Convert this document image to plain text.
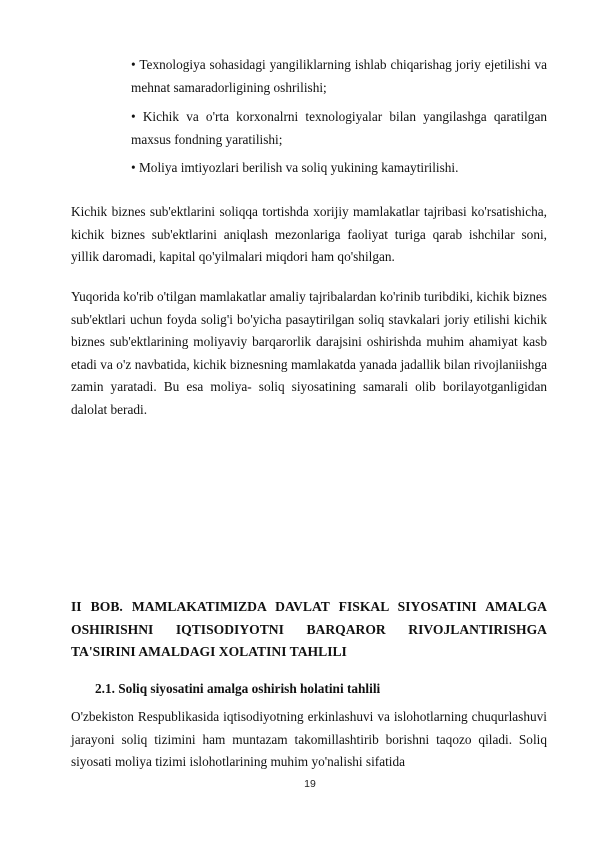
• Texnologiya sohasidagi yangiliklarning ishlab chiqarishag joriy ejetilishi va mehnat samaradorligining oshrilishi;

• Kichik va o'rta korxonalrni texnologiyalar bilan yangilashga qaratilgan maxsus fondning yaratilishi;

• Moliya imtiyozlari berilish va soliq yukining kamaytirilishi.

Kichik biznes sub'ektlarini soliqqa tortishda xorijiy mamlakatlar tajribasi ko'rsatishicha, kichik biznes sub'ektlarini aniqlash mezonlariga faoliyat turiga qarab ishchilar soni, yillik daromadi, kapital qo'yilmalari miqdori ham qo'shilgan.

Yuqorida ko'rib o'tilgan mamlakatlar amaliy tajribalardan ko'rinib turibdiki, kichik biznes sub'ektlari uchun foyda solig'i bo'yicha pasaytirilgan soliq stavkalari joriy etilishi kichik biznes sub'ektlarining moliyaviy barqarorlik darajsini oshirishda muhim ahamiyat kasb etadi va o'z navbatida, kichik biznesning mamlakatda yanada jadallik bilan rivojlaniishga zamin yaratadi. Bu esa moliya- soliq siyosatining samarali olib borilayotganligidan dalolat beradi.

II BOB. MAMLAKATIMIZDA DAVLAT FISKAL SIYOSATINI AMALGA OSHIRISHNI IQTISODIYOTNI BARQAROR RIVOJLANTIRISHGA TA'SIRINI AMALDAGI XOLATINI TAHLILI
2.1. Soliq siyosatini amalga oshirish holatini tahlili

O'zbekiston Respublikasida iqtisodiyotning erkinlashuvi va islohotlarning chuqurlashuvi jarayoni soliq tizimini ham muntazam takomillashtirib borishni taqozo qiladi. Soliq siyosati moliya tizimi islohotlarining muhim yo'nalishi sifatida

19
